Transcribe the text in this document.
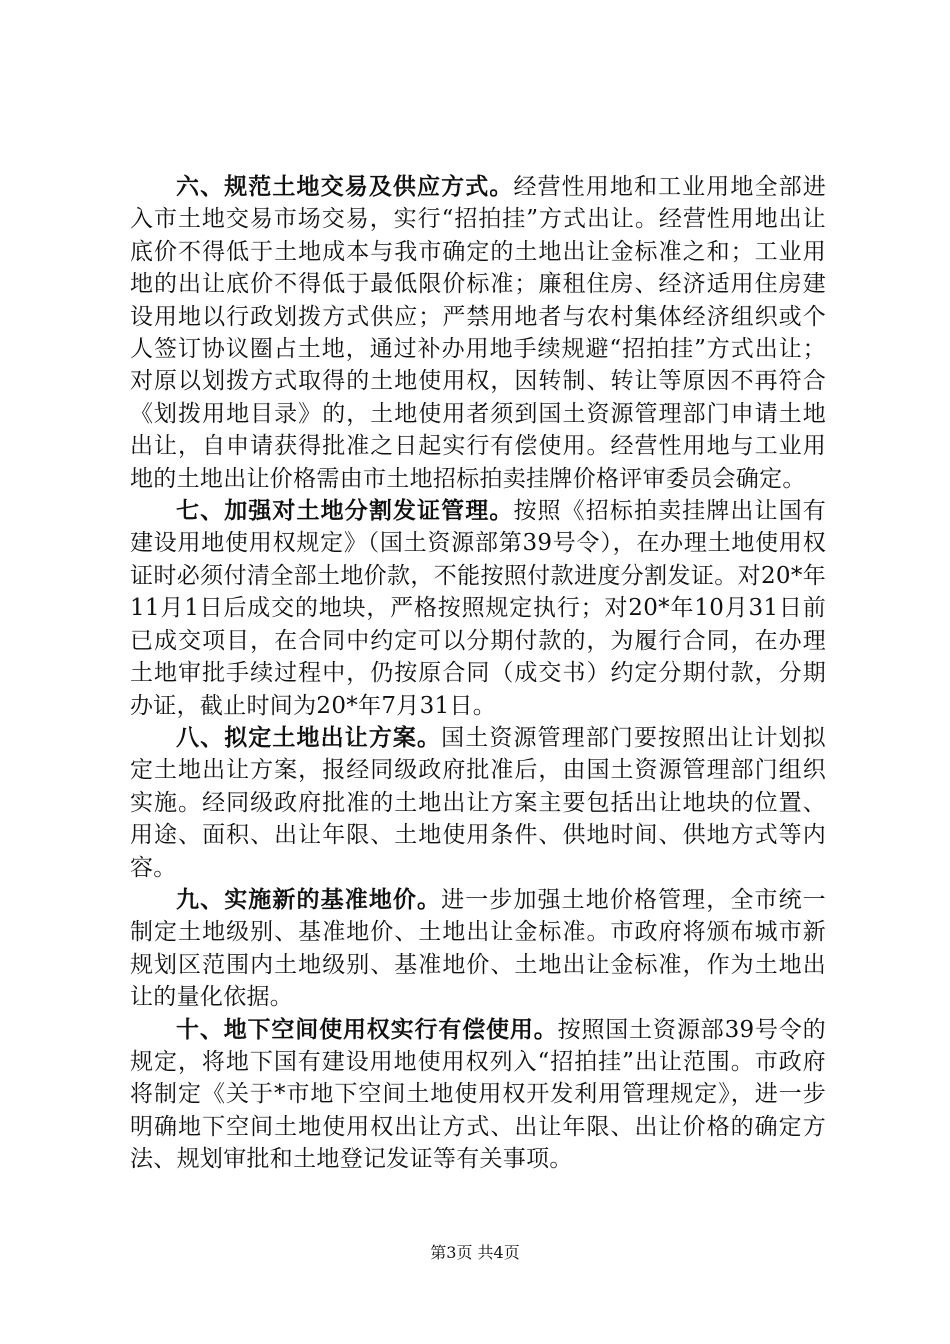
六、规范土地交易及供应方式。经营性用地和工业用地全部进入市土地交易市场交易，实行“招拍挂”方式出让。经营性用地出让底价不得低于土地成本与我市确定的土地出让金标准之和；工业用地的出让底价不得低于最低限价标准；廉租住房、经济适用住房建设用地以行政划拨方式供应；严禁用地者与农村集体经济组织或个人签订协议圈占土地，通过补办用地手续规避“招拍挂”方式出让；对原以划拨方式取得的土地使用权，因转制、转让等原因不再符合《划拨用地目录》的，土地使用者须到国土资源管理部门申请土地出让，自申请获得批准之日起实行有偿使用。经营性用地与工业用地的土地出让价格需由市土地招标拍卖挂牌价格评审委员会确定。

七、加强对土地分割发证管理。按照《招标拍卖挂牌出让国有建设用地使用权规定》（国土资源部第39号令），在办理土地使用权证时必须付清全部土地价款，不能按照付款进度分割发证。对20*年11月1日后成交的地块，严格按照规定执行；对20*年10月31日前已成交项目，在合同中约定可以分期付款的，为履行合同，在办理土地审批手续过程中，仍按原合同（成交书）约定分期付款，分期办证，截止时间为20*年7月31日。

八、拟定土地出让方案。国土资源管理部门要按照出让计划拟定土地出让方案，报经同级政府批准后，由国土资源管理部门组织实施。经同级政府批准的土地出让方案主要包括出让地块的位置、用途、面积、出让年限、土地使用条件、供地时间、供地方式等内容。

九、实施新的基准地价。进一步加强土地价格管理，全市统一制定土地级别、基准地价、土地出让金标准。市政府将颁布城市新规划区范围内土地级别、基准地价、土地出让金标准，作为土地出让的量化依据。

十、地下空间使用权实行有偿使用。按照国土资源部39号令的规定，将地下国有建设用地使用权列入“招拍挂”出让范围。市政府将制定《关于*市地下空间土地使用权开发利用管理规定》，进一步明确地下空间土地使用权出让方式、出让年限、出让价格的确定方法、规划审批和土地登记发证等有关事项。

第3页 共4页
